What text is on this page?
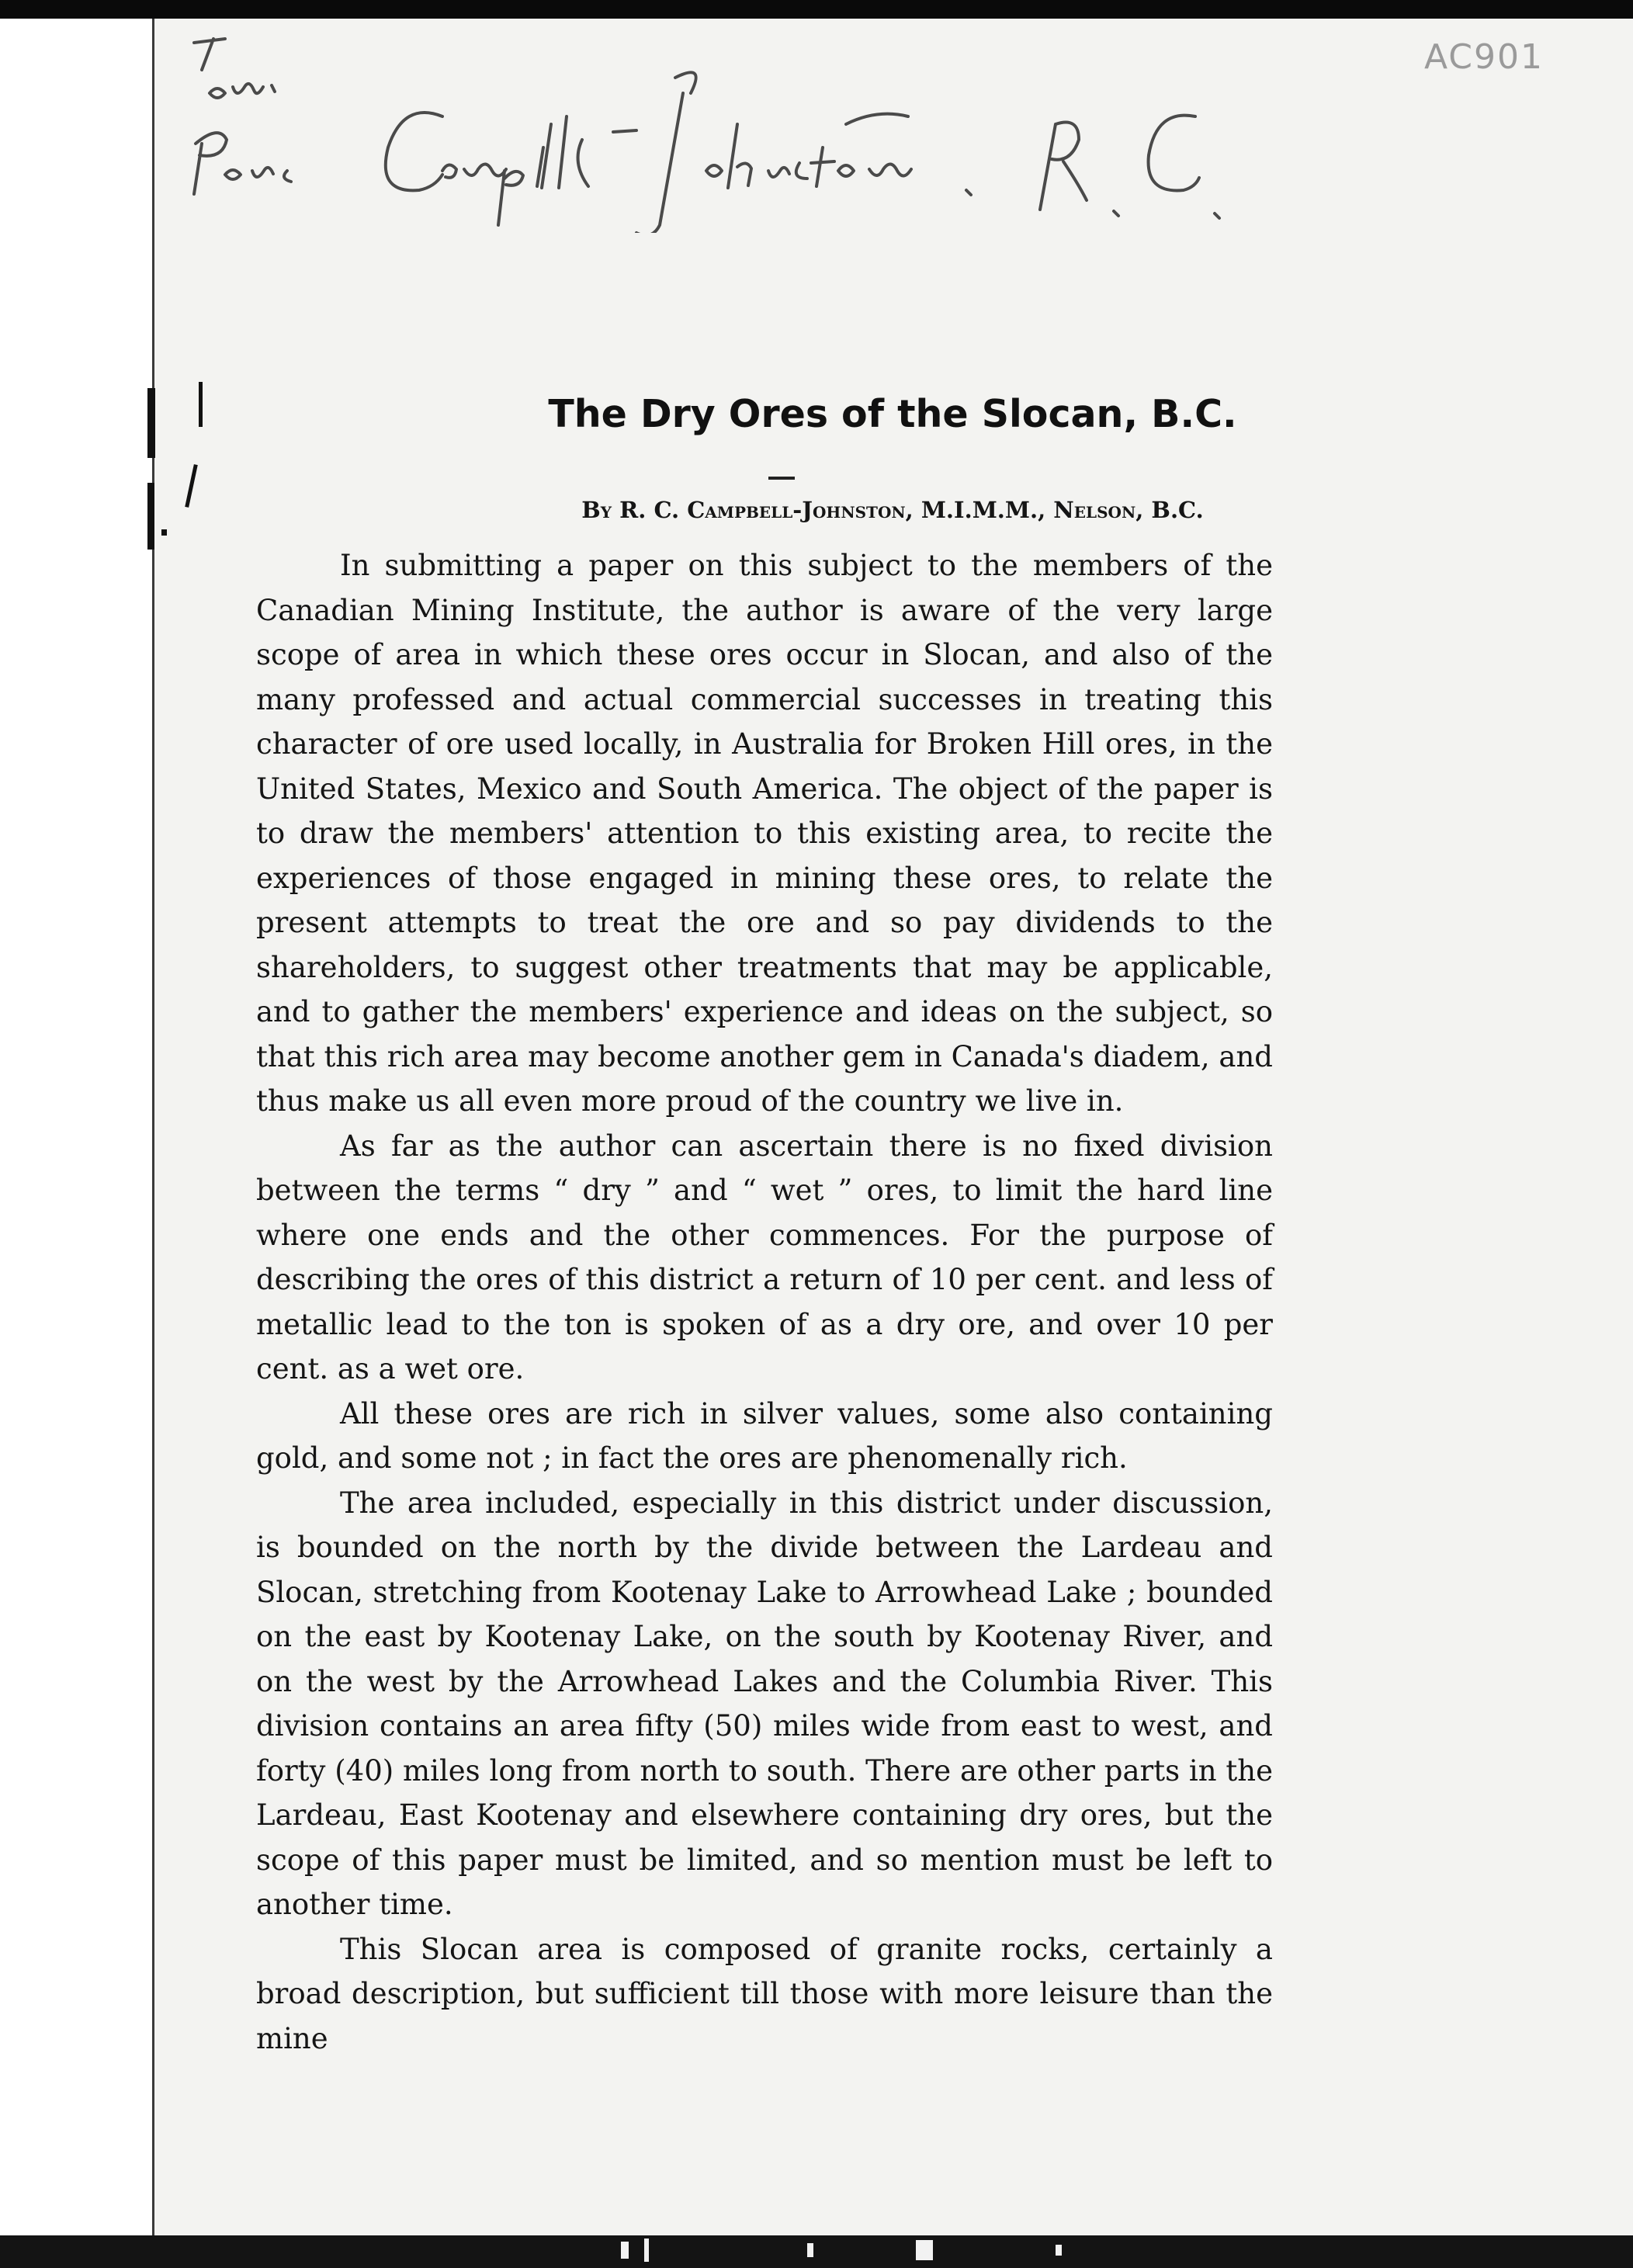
AC901
The Dry Ores of the Slocan, B.C.
By R. C. Campbell-Johnston, M.I.M.M., Nelson, B.C.

In submitting a paper on this subject to the members of the Canadian Mining Institute, the author is aware of the very large scope of area in which these ores occur in Slocan, and also of the many professed and actual commercial successes in treating this character of ore used locally, in Australia for Broken Hill ores, in the United States, Mexico and South America. The object of the paper is to draw the members' attention to this existing area, to recite the experiences of those engaged in mining these ores, to relate the present attempts to treat the ore and so pay dividends to the shareholders, to suggest other treatments that may be applicable, and to gather the members' experience and ideas on the subject, so that this rich area may become another gem in Canada's diadem, and thus make us all even more proud of the country we live in.

As far as the author can ascertain there is no fixed division between the terms “ dry ” and “ wet ” ores, to limit the hard line where one ends and the other commences. For the purpose of describing the ores of this district a return of 10 per cent. and less of metallic lead to the ton is spoken of as a dry ore, and over 10 per cent. as a wet ore.

All these ores are rich in silver values, some also containing gold, and some not ; in fact the ores are phenomenally rich.

The area included, especially in this district under discussion, is bounded on the north by the divide between the Lardeau and Slocan, stretching from Kootenay Lake to Arrowhead Lake ; bounded on the east by Kootenay Lake, on the south by Kootenay River, and on the west by the Arrowhead Lakes and the Columbia River. This division contains an area fifty (50) miles wide from east to west, and forty (40) miles long from north to south. There are other parts in the Lardeau, East Kootenay and elsewhere containing dry ores, but the scope of this paper must be limited, and so mention must be left to another time.

This Slocan area is composed of granite rocks, certainly a broad description, but sufficient till those with more leisure than the mine
